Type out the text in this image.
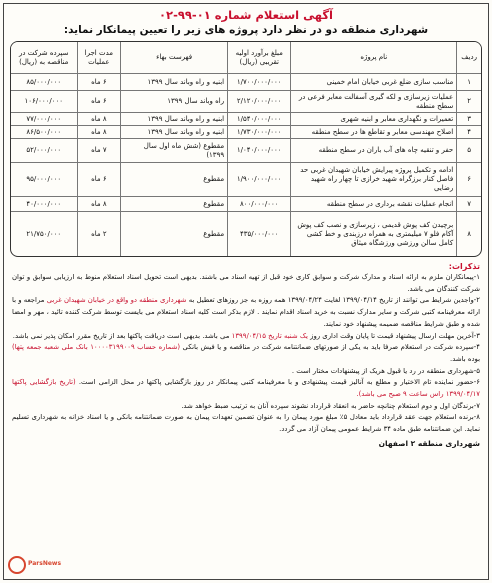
آگهی استعلام شماره ۰۱-۹۹-۰۲
شهرداری منطقه دو در نظر دارد پروژه های زیر را تعیین پیمانکار نماید:
ردیف	نام پروژه	مبلغ برآورد اولیه تقریبی (ریال)	فهرست بهاء	مدت اجرا عملیات	سپرده شرکت در مناقصه به (ریال)
۱	مناسب سازی ضلع غربی خیابان امام خمینی	۱/۷۰۰/۰۰۰/۰۰۰	ابنیه و راه وباند سال ۱۳۹۹	۶ ماه	۸۵/۰۰۰/۰۰۰
۲	عملیات زیرسازی و لکه گیری آسفالت معابر فرعی در سطح منطقه	۲/۱۲۰/۰۰۰/۰۰۰	راه وباند سال ۱۳۹۹	۶ ماه	۱۰۶/۰۰۰/۰۰۰
۳	تعمیرات و نگهداری معابر و ابنیه شهری	۱/۵۴۰/۰۰۰/۰۰۰	ابنیه و راه وباند سال ۱۳۹۹	۸ ماه	۷۷/۰۰۰/۰۰۰
۴	اصلاح مهندسی معابر و تقاطع ها در سطح منطقه	۱/۷۳۰/۰۰۰/۰۰۰	ابنیه و راه وباند سال ۱۳۹۹	۸ ماه	۸۶/۵۰۰/۰۰۰
۵	حفر و تنقیه چاه های آب باران در سطح منطقه	۱/۰۴۰/۰۰۰/۰۰۰	مقطوع (شش ماه اول سال ۱۳۹۹)	۷ ماه	۵۲/۰۰۰/۰۰۰
۶	ادامه و تکمیل پروژه پیرایش خیابان شهیدان غربی حد فاصل کنار برزگراه شهید خرازی تا چهار راه شهید رضایی	۱/۹۰۰/۰۰۰/۰۰۰	مقطوع	۶ ماه	۹۵/۰۰۰/۰۰۰
۷	انجام عملیات نقشه برداری در سطح منطقه	۸۰۰/۰۰۰/۰۰۰	مقطوع	۸ ماه	۴۰/۰۰۰/۰۰۰
۸	برچیدن کف پوش قدیمی ، زیرسازی و نصب کف پوش آکام فلو ۷ میلیمتری به همراه درزبندی و خط کشی کامل سالن ورزشی ورزشگاه میثاق	۴۳۵/۰۰۰/۰۰۰	مقطوع	۲ ماه	۲۱/۷۵۰/۰۰۰
تذکرات:

۱-پیمانکاران ملزم به ارائه اسناد و مدارک شرکت و سوابق کاری خود قبل از تهیه اسناد می باشند. بدیهی است تحویل اسناد استعلام منوط به ارزیابی سوابق و توان شرکت کنندگان می باشد.

۲-واجدین شرایط می توانند از تاریخ ۱۳۹۹/۰۴/۱۴ لغایت ۱۳۹۹/۰۴/۲۴ همه روزه به جز روزهای تعطیل به شهرداری منطقه دو واقع در خیابان شهیدان غربی مراجعه و با ارائه معرفینامه کتبی شرکت و سایر مدارک نسبت به خرید اسناد اقدام نمایند . لازم بذکر است کلیه اسناد استعلام می بایست توسط شرکت کننده تائید ، مهر و امضا شده و طبق شرایط مناقصه ضمیمه پیشنهاد خود نمایند.

۳-آخرین مهلت ارسال پیشنهاد قیمت تا پایان وقت اداری روز یک شنبه تاریخ ۱۳۹۹/۰۴/۱۵ می باشد. بدیهی است دریافت پاکتها بعد از تاریخ مقرر امکان پذیر نمی باشد.

۴-سپرده شرکت در استعلام صرفا باید به یکی از صورتهای ضمانتنامه شرکت در مناقصه و یا فیش بانکی (شماره حساب ۱۰۰۰۰۳۱۹۹۰۰۹ بانک ملی شعبه جمعه پتها) بوده باشد.

۵-شهرداری منطقه در رد یا قبول هریک از پیشنهادات مختار است .

۶-حضور نماینده تام الاختیار و مطلع به آنالیز قیمت پیشنهادی و با معرفینامه کتبی پیمانکار در روز بازگشایی پاکتها در محل الزامی است. (تاریخ بازگشایی پاکتها ۱۳۹۹/۰۴/۱۷ راس ساعت ۹ صبح می باشد).

۷-برندگان اول و دوم استعلام چنانچه حاضر به انعقاد قرارداد نشوند سپرده آنان به ترتیب ضبط خواهد شد.

۸-برنده استعلام جهت عقد قرارداد باید معادل ۵٪ مبلغ مورد پیمان را به عنوان تضمین تعهدات پیمان به صورت ضمانتنامه بانکی و یا اسناد خزانه به شهرداری تسلیم نماید. این ضمانتنامه طبق ماده ۳۴ شرایط عمومی پیمان آزاد می گردد.

شهرداری منطقه ۲ اصفهان
ParsNews
